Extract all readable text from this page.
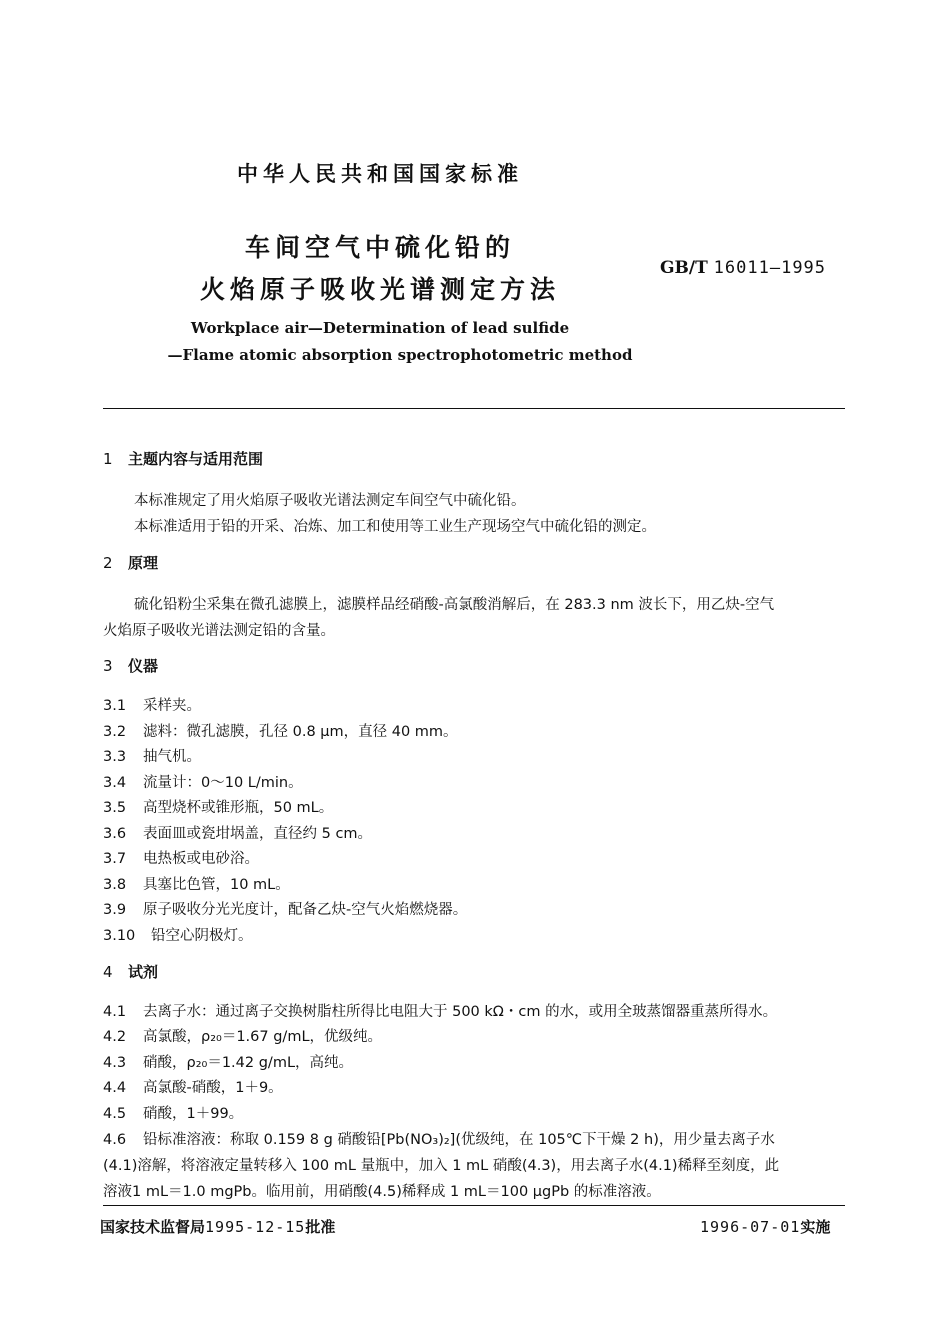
中华人民共和国国家标准
车间空气中硫化铅的
火焰原子吸收光谱测定方法
GB/T 16011—1995
Workplace air—Determination of lead sulfide
—Flame atomic absorption spectrophotometric method
1 主题内容与适用范围
本标准规定了用火焰原子吸收光谱法测定车间空气中硫化铅。
本标准适用于铅的开采、冶炼、加工和使用等工业生产现场空气中硫化铅的测定。
2 原理
硫化铅粉尘采集在微孔滤膜上，滤膜样品经硝酸-高氯酸消解后，在 283.3 nm 波长下，用乙炔-空气
火焰原子吸收光谱法测定铅的含量。
3 仪器
3.1 采样夹。
3.2 滤料：微孔滤膜，孔径 0.8 μm，直径 40 mm。
3.3 抽气机。
3.4 流量计：0～10 L/min。
3.5 高型烧杯或锥形瓶，50 mL。
3.6 表面皿或瓷坩埚盖，直径约 5 cm。
3.7 电热板或电砂浴。
3.8 具塞比色管，10 mL。
3.9 原子吸收分光光度计，配备乙炔-空气火焰燃烧器。
3.10 铅空心阴极灯。
4 试剂
4.1 去离子水：通过离子交换树脂柱所得比电阻大于 500 kΩ・cm 的水，或用全玻蒸馏器重蒸所得水。
4.2 高氯酸，ρ₂₀＝1.67 g/mL，优级纯。
4.3 硝酸，ρ₂₀＝1.42 g/mL，高纯。
4.4 高氯酸-硝酸，1＋9。
4.5 硝酸，1＋99。
4.6 铅标准溶液：称取 0.159 8 g 硝酸铅[Pb(NO₃)₂](优级纯，在 105℃下干燥 2 h)，用少量去离子水
(4.1)溶解，将溶液定量转移入 100 mL 量瓶中，加入 1 mL 硝酸(4.3)，用去离子水(4.1)稀释至刻度，此
溶液1 mL＝1.0 mgPb。临用前，用硝酸(4.5)稀释成 1 mL＝100 μgPb 的标准溶液。
国家技术监督局1995-12-15批准	1996-07-01实施
